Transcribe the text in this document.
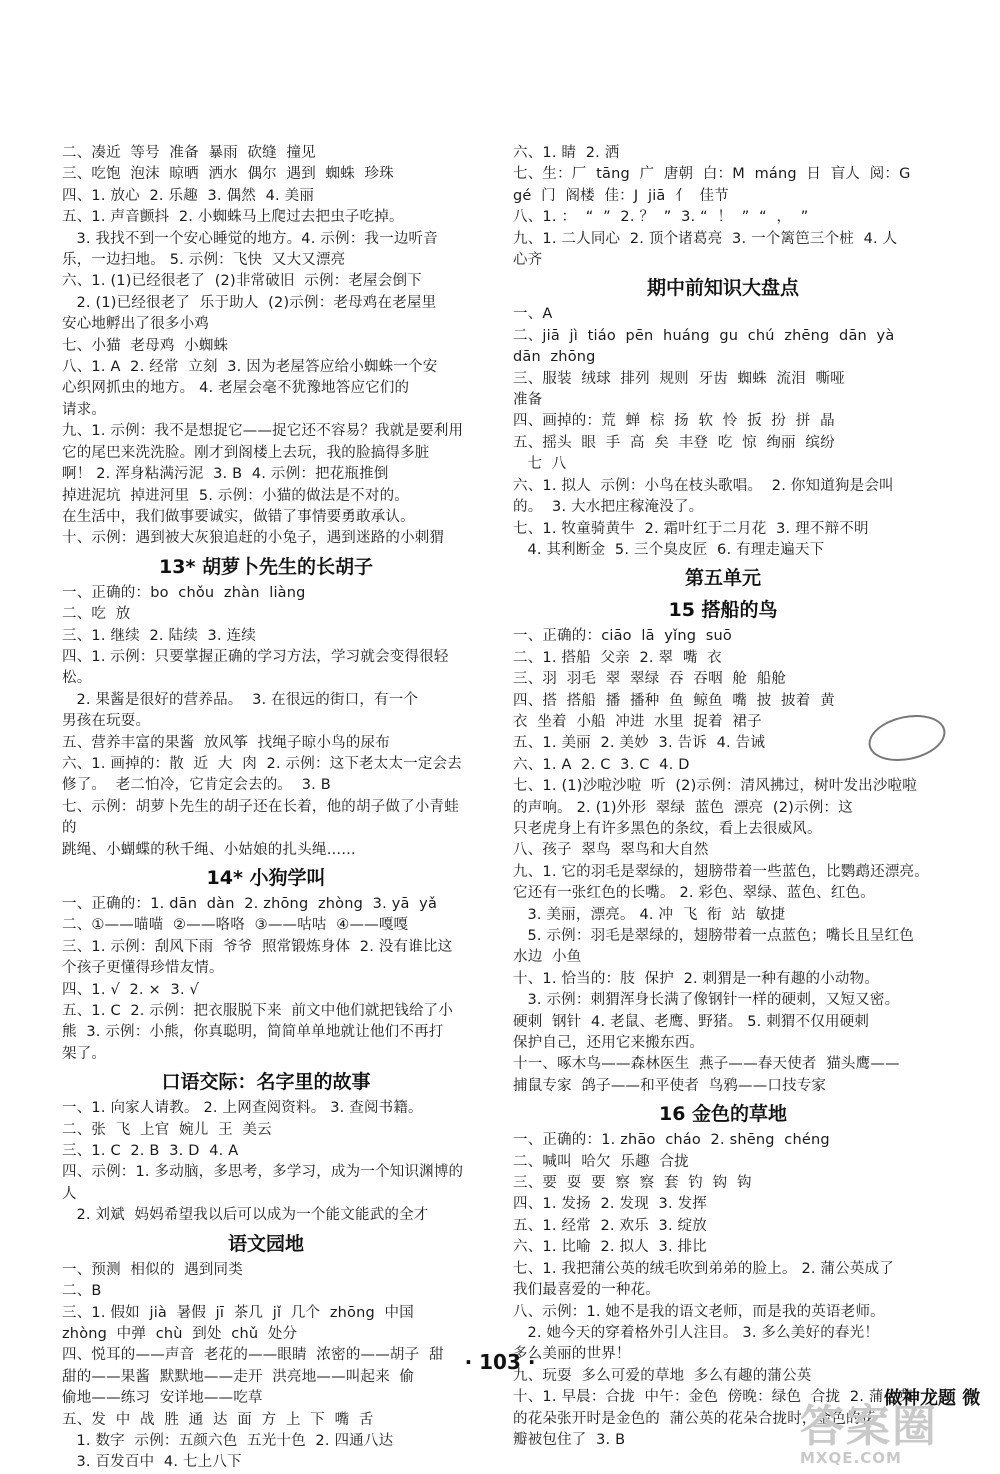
二、凑近  等号  准备  暴雨  砍缝  撞见
三、吃饱  泡沫  晾晒  洒水  偶尔  遇到  蜘蛛  珍珠
四、1. 放心  2. 乐趣  3. 偶然  4. 美丽
五、1. 声音颤抖  2. 小蜘蛛马上爬过去把虫子吃掉。
3. 我找不到一个安心睡觉的地方。4. 示例：我一边听音
乐，一边扫地。 5. 示例：飞快  又大又漂亮
六、1. (1)已经很老了  (2)非常破旧  示例：老屋会倒下
2. (1)已经很老了  乐于助人  (2)示例：老母鸡在老屋里
安心地孵出了很多小鸡
七、小猫  老母鸡  小蜘蛛
八、1. A  2. 经常  立刻  3. 因为老屋答应给小蜘蛛一个安
心织网抓虫的地方。 4. 老屋会毫不犹豫地答应它们的
请求。
九、1. 示例：我不是想捉它——捉它还不容易？我就是要利用
它的尾巴来洗洗脸。刚才到阁楼上去玩，我的脸搞得多脏
啊！ 2. 浑身粘满污泥  3. B  4. 示例：把花瓶推倒
掉进泥坑  掉进河里  5. 示例：小猫的做法是不对的。
在生活中，我们做事要诚实，做错了事情要勇敢承认。
十、示例：遇到被大灰狼追赶的小兔子，遇到迷路的小刺猬
13* 胡萝卜先生的长胡子
一、正确的：bo  chǒu  zhàn  liàng
二、吃  放
三、1. 继续  2. 陆续  3. 连续
四、1. 示例：只要掌握正确的学习方法，学习就会变得很轻松。
2. 果酱是很好的营养品。  3. 在很远的街口，有一个
男孩在玩耍。
五、营养丰富的果酱  放风筝  找绳子晾小鸟的尿布
六、1. 画掉的：散  近  大  肉  2. 示例：这下老太太一定会去
修了。  老二怕冷，它肯定会去的。  3. B
七、示例：胡萝卜先生的胡子还在长着，他的胡子做了小青蛙的
跳绳、小蝴蝶的秋千绳、小姑娘的扎头绳……
14* 小狗学叫
一、正确的：1. dān  dàn  2. zhōng  zhòng  3. yā  yǎ
二、①——喵喵  ②——咯咯  ③——咕咕  ④——嘎嘎
三、1. 示例：刮风下雨  爷爷  照常锻炼身体  2. 没有谁比这
个孩子更懂得珍惜友情。
四、1. √  2. ×  3. √
五、1. C  2. 示例：把衣服脱下来  前文中他们就把钱给了小
熊  3. 示例：小熊，你真聪明，简简单单地就让他们不再打
架了。
口语交际：名字里的故事
一、1. 向家人请教。 2. 上网查阅资料。 3. 查阅书籍。
二、张  飞  上官  婉儿  王  美云
三、1. C  2. B  3. D  4. A
四、示例：1. 多动脑，多思考，多学习，成为一个知识渊博的人
2. 刘斌  妈妈希望我以后可以成为一个能文能武的全才
语文园地
一、预测  相似的  遇到同类
二、B
三、1. 假如  jià  暑假  jī  茶几  jǐ  几个  zhōng  中国
zhòng  中弹  chù  到处  chǔ  处分
四、悦耳的——声音  老花的——眼睛  浓密的——胡子  甜
甜的——果酱  默默地——走开  洪亮地——叫起来  偷
偷地——练习  安详地——吃草
五、发  中  战  胜  通  达  面  方  上  下  嘴  舌
1. 数字  示例：五颜六色  五光十色  2. 四通八达
3. 百发百中  4. 七上八下
六、1. 睛  2. 洒
七、生：厂  tāng  广  唐朝  白：M  máng  日  盲人  阅：G
gé  门  阁楼  佳：J  jiā  亻  佳节
八、1. ：  “  ”  2. ？  ”  3. “  ！  ”  “  ，  ”
九、1. 二人同心  2. 顶个诸葛亮  3. 一个篱笆三个桩  4. 人
心齐
期中前知识大盘点
一、A
二、jiā  jì  tiáo  pēn  huáng  gu  chú  zhēng  dān  yà
dān  zhōng
三、服装  绒球  排列  规则  牙齿  蜘蛛  流泪  嘶哑
准备
四、画掉的：荒  蝉  棕  扬  软  怜  扳  扮  拼  晶
五、摇头  眼  手  高  矣  丰登  吃  惊  绚丽  缤纷
七  八
六、1. 拟人  示例：小鸟在枝头歌唱。  2. 你知道狗是会叫
的。  3. 大水把庄稼淹没了。
七、1. 牧童骑黄牛  2. 霜叶红于二月花  3. 理不辩不明
4. 其利断金  5. 三个臭皮匠  6. 有理走遍天下
第五单元
15 搭船的鸟
一、正确的：ciāo  lā  yǐng  suō
二、1. 搭船  父亲  2. 翠  嘴  衣
三、羽  羽毛  翠  翠绿  吞  吞咽  舱  船舱
四、搭  搭船  播  播种  鱼  鲸鱼  嘴  披  披着  黄
衣  坐着  小船  冲进  水里  捉着  裙子
五、1. 美丽  2. 美妙  3. 告诉  4. 告诫
六、1. A  2. C  3. C  4. D
七、1. (1)沙啦沙啦  听  (2)示例：清风拂过，树叶发出沙啦啦
的声响。 2. (1)外形  翠绿  蓝色  漂亮  (2)示例：这
只老虎身上有许多黑色的条纹，看上去很威风。
八、孩子  翠鸟  翠鸟和大自然
九、1. 它的羽毛是翠绿的，翅膀带着一些蓝色，比鹦鹉还漂亮。
它还有一张红色的长嘴。 2. 彩色、翠绿、蓝色、红色。
3. 美丽，漂亮。 4. 冲  飞  衔  站  敏捷
5. 示例：羽毛是翠绿的，翅膀带着一点蓝色；嘴长且呈红色
水边  小鱼
十、1. 恰当的：肢  保护  2. 刺猬是一种有趣的小动物。
3. 示例：刺猬浑身长满了像钢针一样的硬刺，又短又密。
硬刺  钢针  4. 老鼠、老鹰、野猪。 5. 刺猬不仅用硬刺
保护自己，还用它来搬东西。
十一、啄木鸟——森林医生  燕子——春天使者  猫头鹰——
捕鼠专家  鸽子——和平使者  鸟鸦——口技专家
16 金色的草地
一、正确的：1. zhāo  cháo  2. shēng  chéng
二、喊叫  哈欠  乐趣  合拢
三、要  耍  要  察  察  套  钓  钩  钩
四、1. 发扬  2. 发现  3. 发挥
五、1. 经常  2. 欢乐  3. 绽放
六、1. 比喻  2. 拟人  3. 排比
七、1. 我把蒲公英的绒毛吹到弟弟的脸上。 2. 蒲公英成了
我们最喜爱的一种花。
八、示例：1. 她不是我的语文老师，而是我的英语老师。
2. 她今天的穿着格外引人注目。 3. 多么美好的春光！
多么美丽的世界！
九、玩耍  多么可爱的草地  多么有趣的蒲公英
十、1. 早晨：合拢  中午：金色  傍晚：绿色  合拢  2. 蒲公英
的花朵张开时是金色的  蒲公英的花朵合拢时，金色的花
瓣被包住了  3. B
· 103 ·
做神龙题 微
答案圈
MXQE.COM
